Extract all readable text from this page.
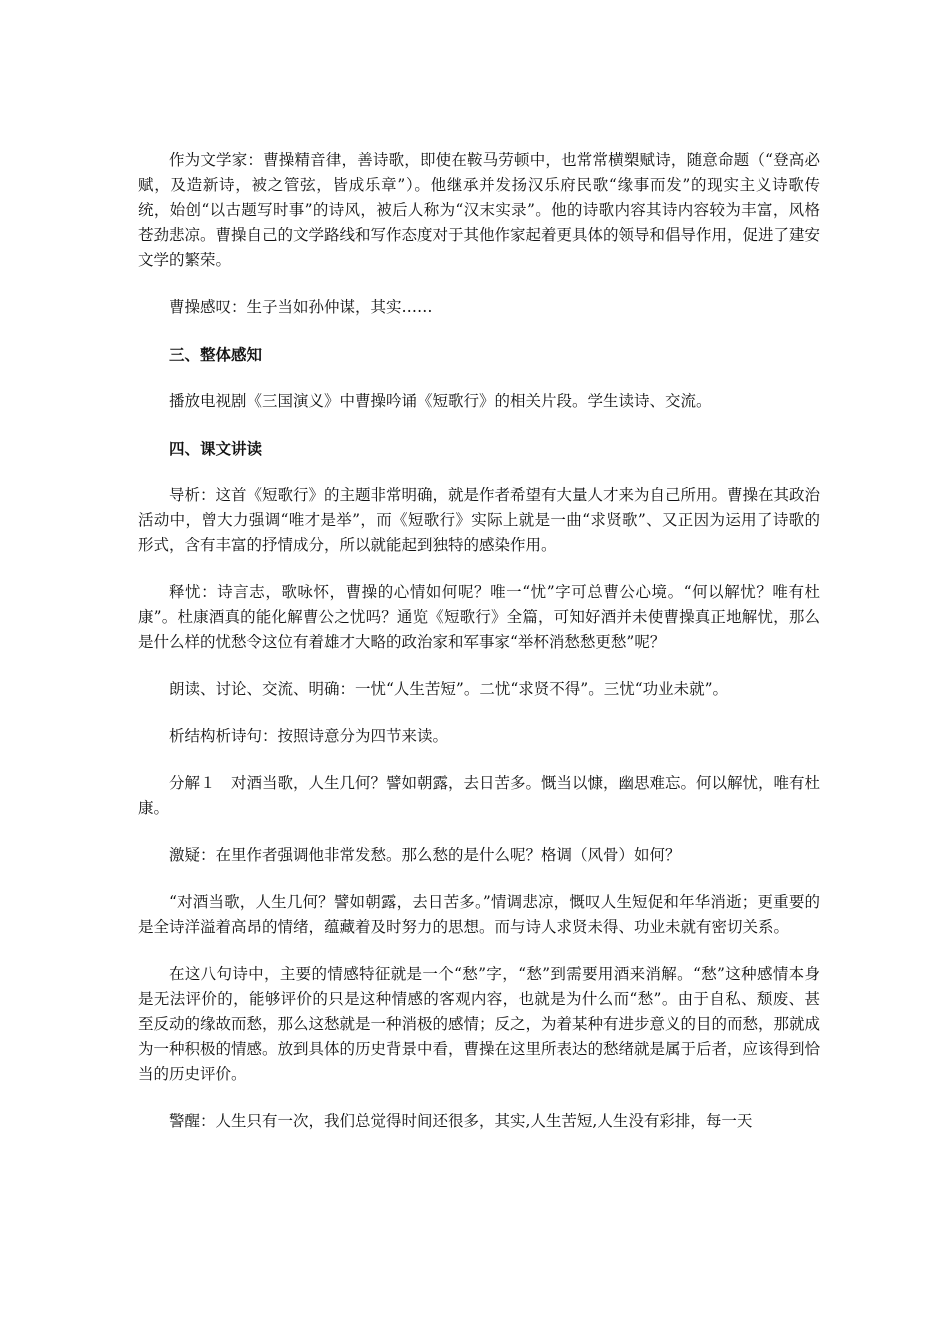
作为文学家：曹操精音律，善诗歌，即使在鞍马劳顿中，也常常横槊赋诗，随意命题（“登高必赋，及造新诗，被之管弦，皆成乐章”）。他继承并发扬汉乐府民歌“缘事而发”的现实主义诗歌传统，始创“以古题写时事”的诗风，被后人称为“汉末实录”。他的诗歌内容其诗内容较为丰富，风格苍劲悲凉。曹操自己的文学路线和写作态度对于其他作家起着更具体的领导和倡导作用，促进了建安文学的繁荣。

曹操感叹：生子当如孙仲谋，其实……

三、整体感知

播放电视剧《三国演义》中曹操吟诵《短歌行》的相关片段。学生读诗、交流。

四、课文讲读

导析：这首《短歌行》的主题非常明确，就是作者希望有大量人才来为自己所用。曹操在其政治活动中，曾大力强调“唯才是举”，而《短歌行》实际上就是一曲“求贤歌”、又正因为运用了诗歌的形式，含有丰富的抒情成分，所以就能起到独特的感染作用。

释忧：诗言志，歌咏怀，曹操的心情如何呢？唯一“忧”字可总曹公心境。“何以解忧？唯有杜康”。杜康酒真的能化解曹公之忧吗？通览《短歌行》全篇，可知好酒并未使曹操真正地解忧，那么是什么样的忧愁令这位有着雄才大略的政治家和军事家“举杯消愁愁更愁”呢？

朗读、讨论、交流、明确：一忧“人生苦短”。二忧“求贤不得”。三忧“功业未就”。

析结构析诗句：按照诗意分为四节来读。

分解１　对酒当歌，人生几何？譬如朝露，去日苦多。慨当以慷，幽思难忘。何以解忧，唯有杜康。

激疑：在里作者强调他非常发愁。那么愁的是什么呢？格调（风骨）如何？

“对酒当歌，人生几何？譬如朝露，去日苦多。”情调悲凉，慨叹人生短促和年华消逝；更重要的是全诗洋溢着高昂的情绪，蕴藏着及时努力的思想。而与诗人求贤未得、功业未就有密切关系。

在这八句诗中，主要的情感特征就是一个“愁”字，“愁”到需要用酒来消解。“愁”这种感情本身是无法评价的，能够评价的只是这种情感的客观内容，也就是为什么而“愁”。由于自私、颓废、甚至反动的缘故而愁，那么这愁就是一种消极的感情；反之，为着某种有进步意义的目的而愁，那就成为一种积极的情感。放到具体的历史背景中看，曹操在这里所表达的愁绪就是属于后者，应该得到恰当的历史评价。

警醒：人生只有一次，我们总觉得时间还很多，其实,人生苦短,人生没有彩排，每一天
